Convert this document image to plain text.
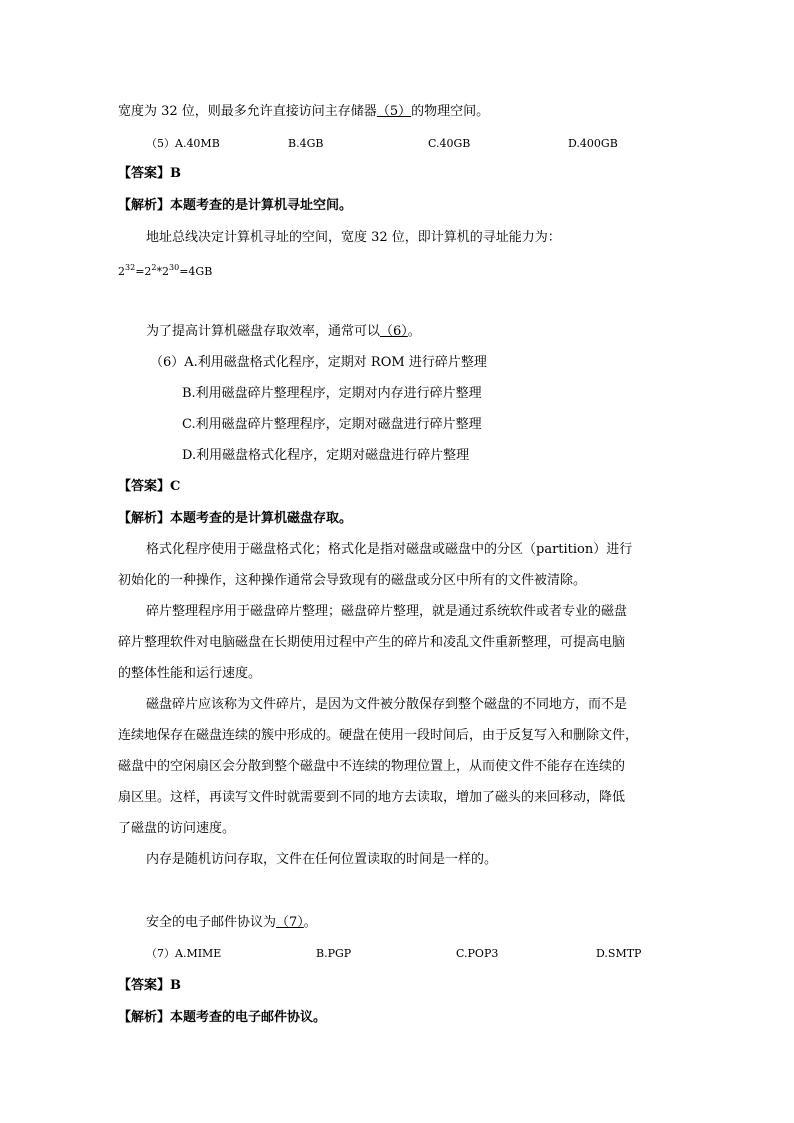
宽度为 32 位，则最多允许直接访问主存储器（5）的物理空间。
（5）A.40MB	B.4GB	C.40GB	D.400GB
【答案】B
【解析】本题考查的是计算机寻址空间。
地址总线决定计算机寻址的空间，宽度 32 位，即计算机的寻址能力为：
$2^{32}=2^2*2^{30}=4GB$
为了提高计算机磁盘存取效率，通常可以（6）。
（6）A.利用磁盘格式化程序，定期对 ROM 进行碎片整理
B.利用磁盘碎片整理程序，定期对内存进行碎片整理
C.利用磁盘碎片整理程序，定期对磁盘进行碎片整理
D.利用磁盘格式化程序，定期对磁盘进行碎片整理
【答案】C
【解析】本题考查的是计算机磁盘存取。
格式化程序使用于磁盘格式化；格式化是指对磁盘或磁盘中的分区（partition）进行
初始化的一种操作，这种操作通常会导致现有的磁盘或分区中所有的文件被清除。
碎片整理程序用于磁盘碎片整理；磁盘碎片整理，就是通过系统软件或者专业的磁盘
碎片整理软件对电脑磁盘在长期使用过程中产生的碎片和凌乱文件重新整理，可提高电脑
的整体性能和运行速度。
磁盘碎片应该称为文件碎片，是因为文件被分散保存到整个磁盘的不同地方，而不是
连续地保存在磁盘连续的簇中形成的。硬盘在使用一段时间后，由于反复写入和删除文件，
磁盘中的空闲扇区会分散到整个磁盘中不连续的物理位置上，从而使文件不能存在连续的
扇区里。这样，再读写文件时就需要到不同的地方去读取，增加了磁头的来回移动，降低
了磁盘的访问速度。
内存是随机访问存取，文件在任何位置读取的时间是一样的。
安全的电子邮件协议为（7）。
（7）A.MIME	B.PGP	C.POP3	D.SMTP
【答案】B
【解析】本题考查的电子邮件协议。
